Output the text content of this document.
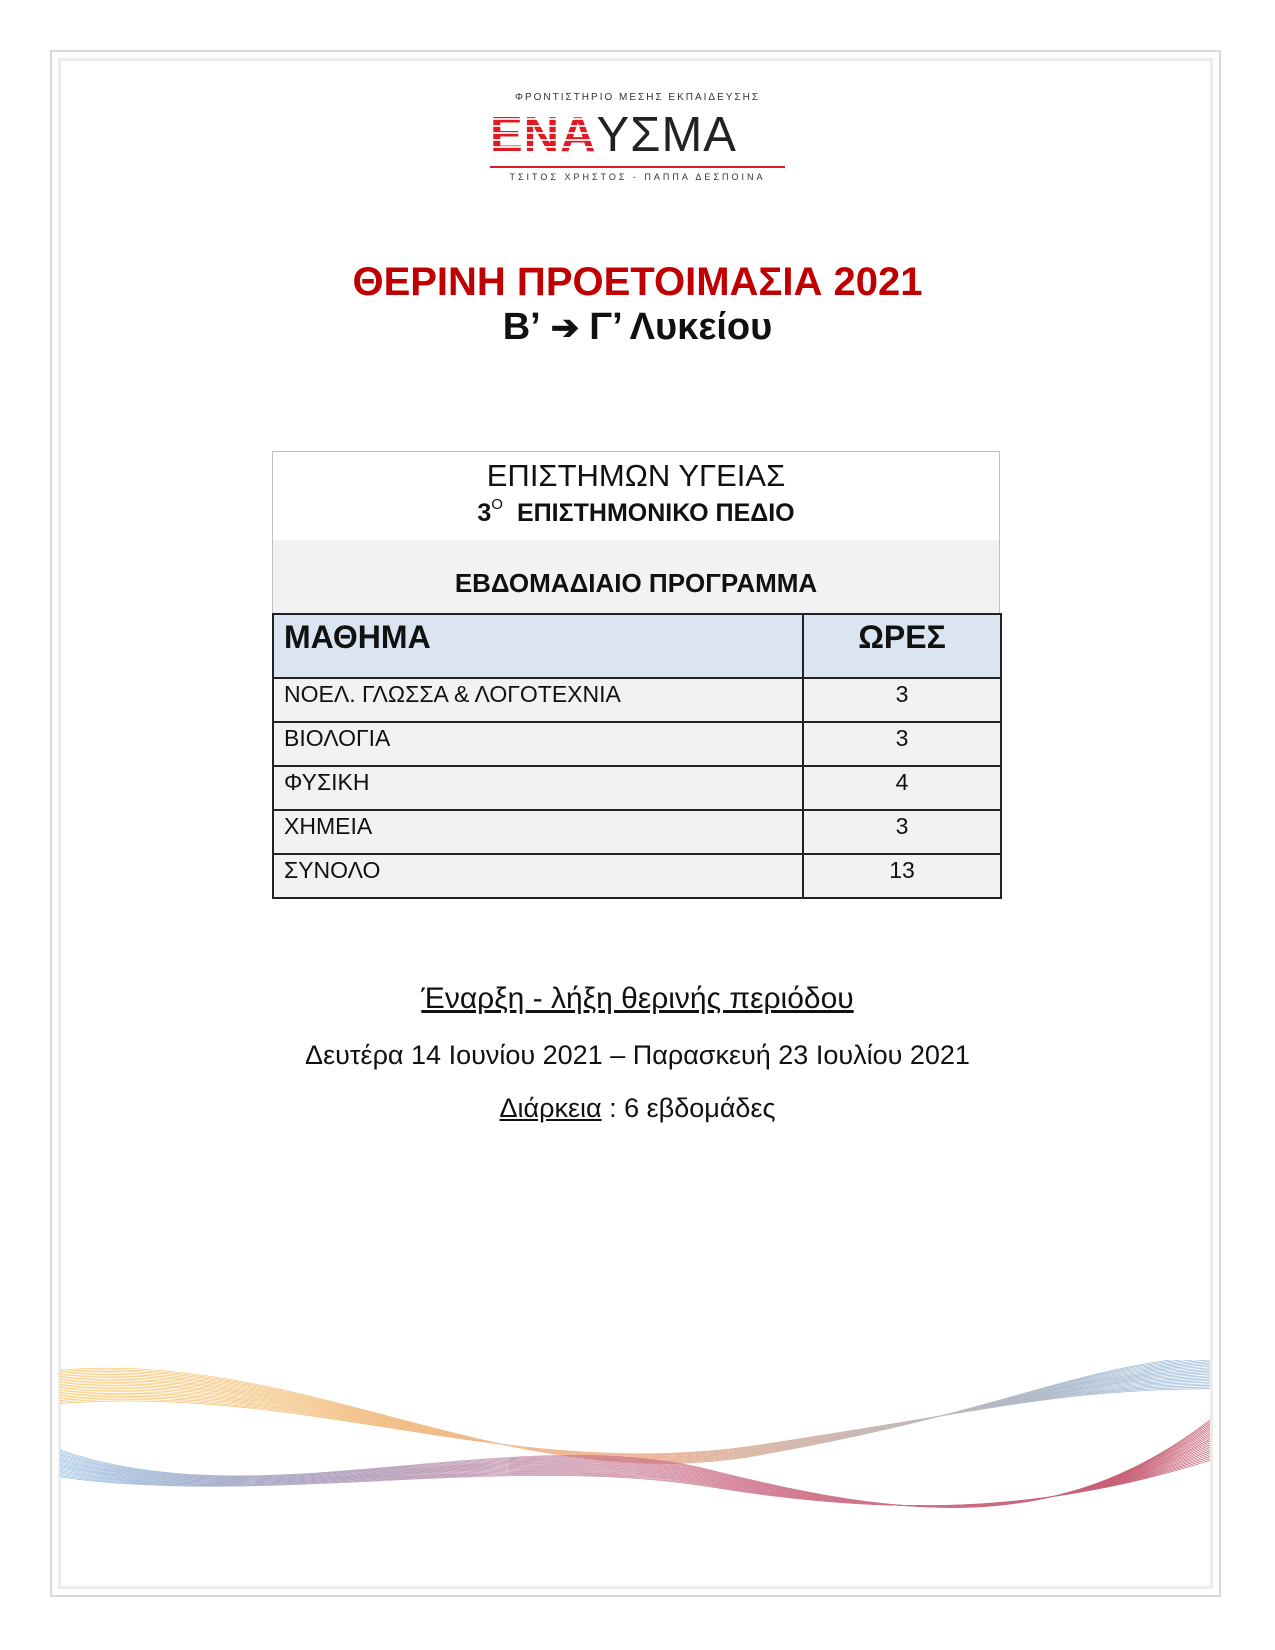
ΦΡΟΝΤΙΣΤΗΡΙΟ ΜΕΣΗΣ ΕΚΠΑΙΔΕΥΣΗΣ
ΕΝΑΥΣΜΑ
ΤΣΙΤΟΣ ΧΡΗΣΤΟΣ - ΠΑΠΠΑ ΔΕΣΠΟΙΝΑ
ΘΕΡΙΝΗ ΠΡΟΕΤΟΙΜΑΣΙΑ 2021
Β’ ➔ Γ’ Λυκείου
ΕΠΙΣΤΗΜΩΝ ΥΓΕΙΑΣ
$3^O$ ΕΠΙΣΤΗΜΟΝΙΚΟ ΠΕΔΙΟ
ΕΒΔΟΜΑΔΙΑΙΟ ΠΡΟΓΡΑΜΜΑ
ΜΑΘΗΜΑ	ΩΡΕΣ
ΝΟΕΛ. ΓΛΩΣΣΑ & ΛΟΓΟΤΕΧΝΙΑ	3
ΒΙΟΛΟΓΙΑ	3
ΦΥΣΙΚΗ	4
ΧΗΜΕΙΑ	3
ΣΥΝΟΛΟ	13
Έναρξη - λήξη θερινής περιόδου
Δευτέρα 14 Ιουνίου 2021 – Παρασκευή 23 Ιουλίου 2021
Διάρκεια : 6 εβδομάδες
